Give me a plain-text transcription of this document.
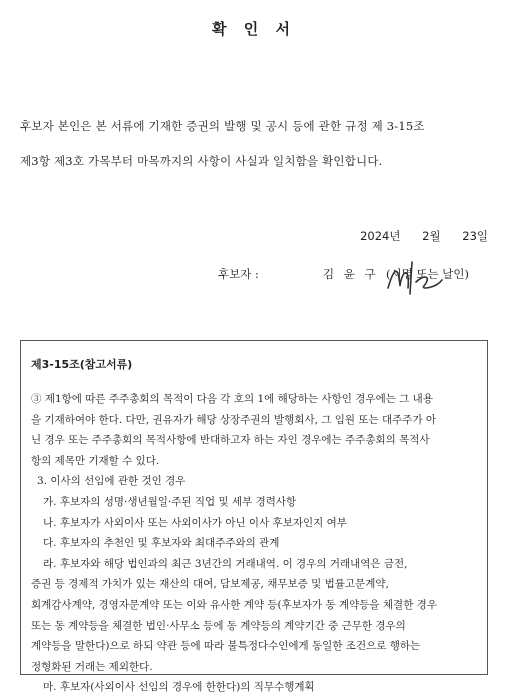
확 인 서
후보자 본인은 본 서류에 기재한 증권의 발행 및 공시 등에 관한 규정 제 3-15조
제3항 제3호 가목부터 마목까지의 사항이 사실과 일치함을 확인합니다.
2024년 2월 23일
후보자 :	김 윤 구 (서명 또는 날인)
제3-15조(참고서류)

③ 제1항에 따른 주주총회의 목적이 다음 각 호의 1에 해당하는 사항인 경우에는 그 내용

을 기재하여야 한다. 다만, 권유자가 해당 상장주권의 발행회사, 그 임원 또는 대주주가 아

닌 경우 또는 주주총회의 목적사항에 반대하고자 하는 자인 경우에는 주주총회의 목적사

항의 제목만 기재할 수 있다.

3. 이사의 선임에 관한 것인 경우

가. 후보자의 성명·생년월일·주된 직업 및 세부 경력사항

나. 후보자가 사외이사 또는 사외이사가 아닌 이사 후보자인지 여부

다. 후보자의 추천인 및 후보자와 최대주주와의 관계

라. 후보자와 해당 법인과의 최근 3년간의 거래내역. 이 경우의 거래내역은 금전,

증권 등 경제적 가치가 있는 재산의 대여, 담보제공, 채무보증 및 법률고문계약,

회계감사계약, 경영자문계약 또는 이와 유사한 계약 등(후보자가 동 계약등을 체결한 경우

또는 동 계약등을 체결한 법인·사무소 등에 동 계약등의 계약기간 중 근무한 경우의

계약등을 말한다)으로 하되 약관 등에 따라 불특정다수인에게 동일한 조건으로 행하는

정형화된 거래는 제외한다.

마. 후보자(사외이사 선임의 경우에 한한다)의 직무수행계획
